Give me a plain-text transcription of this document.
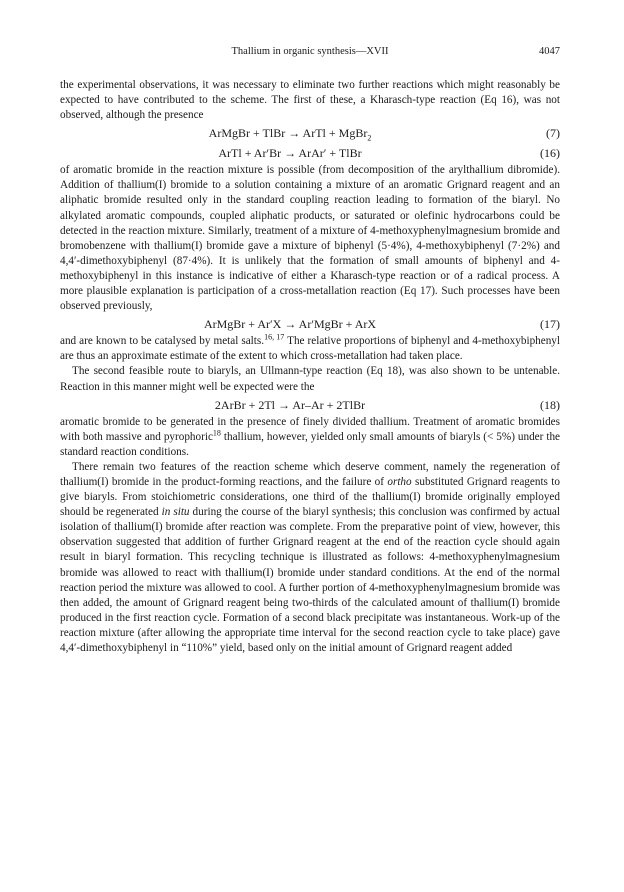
Thallium in organic synthesis—XVII	4047

the experimental observations, it was necessary to eliminate two further reactions which might reasonably be expected to have contributed to the scheme. The first of these, a Kharasch-type reaction (Eq 16), was not observed, although the presence

ArMgBr + TlBr → ArTl + MgBr$_2$	(7)
ArTl + Ar′Br → ArAr′ + TlBr	(16)

of aromatic bromide in the reaction mixture is possible (from decomposition of the arylthallium dibromide). Addition of thallium(I) bromide to a solution containing a mixture of an aromatic Grignard reagent and an aliphatic bromide resulted only in the standard coupling reaction leading to formation of the biaryl. No alkylated aromatic compounds, coupled aliphatic products, or saturated or olefinic hydrocarbons could be detected in the reaction mixture. Similarly, treatment of a mixture of 4-methoxyphenylmagnesium bromide and bromobenzene with thallium(I) bromide gave a mixture of biphenyl (5·4%), 4-methoxybiphenyl (7·2%) and 4,4′-dimethoxybiphenyl (87·4%). It is unlikely that the formation of small amounts of biphenyl and 4-methoxybiphenyl in this instance is indicative of either a Kharasch-type reaction or of a radical process. A more plausible explanation is participation of a cross-metallation reaction (Eq 17). Such processes have been observed previously,

ArMgBr + Ar′X → Ar′MgBr + ArX	(17)

and are known to be catalysed by metal salts.$^{16, 17}$ The relative proportions of biphenyl and 4-methoxybiphenyl are thus an approximate estimate of the extent to which cross-metallation had taken place.

The second feasible route to biaryls, an Ullmann-type reaction (Eq 18), was also shown to be untenable. Reaction in this manner might well be expected were the

2ArBr + 2Tl → Ar–Ar + 2TlBr	(18)

aromatic bromide to be generated in the presence of finely divided thallium. Treatment of aromatic bromides with both massive and pyrophoric$^{18}$ thallium, however, yielded only small amounts of biaryls (< 5%) under the standard reaction conditions.

There remain two features of the reaction scheme which deserve comment, namely the regeneration of thallium(I) bromide in the product-forming reactions, and the failure of ortho substituted Grignard reagents to give biaryls. From stoichiometric considerations, one third of the thallium(I) bromide originally employed should be regenerated in situ during the course of the biaryl synthesis; this conclusion was confirmed by actual isolation of thallium(I) bromide after reaction was complete. From the preparative point of view, however, this observation suggested that addition of further Grignard reagent at the end of the reaction cycle should again result in biaryl formation. This recycling technique is illustrated as follows: 4-methoxyphenylmagnesium bromide was allowed to react with thallium(I) bromide under standard conditions. At the end of the normal reaction period the mixture was allowed to cool. A further portion of 4-methoxyphenylmagnesium bromide was then added, the amount of Grignard reagent being two-thirds of the calculated amount of thallium(I) bromide produced in the first reaction cycle. Formation of a second black precipitate was instantaneous. Work-up of the reaction mixture (after allowing the appropriate time interval for the second reaction cycle to take place) gave 4,4′-dimethoxybiphenyl in “110%” yield, based only on the initial amount of Grignard reagent added
